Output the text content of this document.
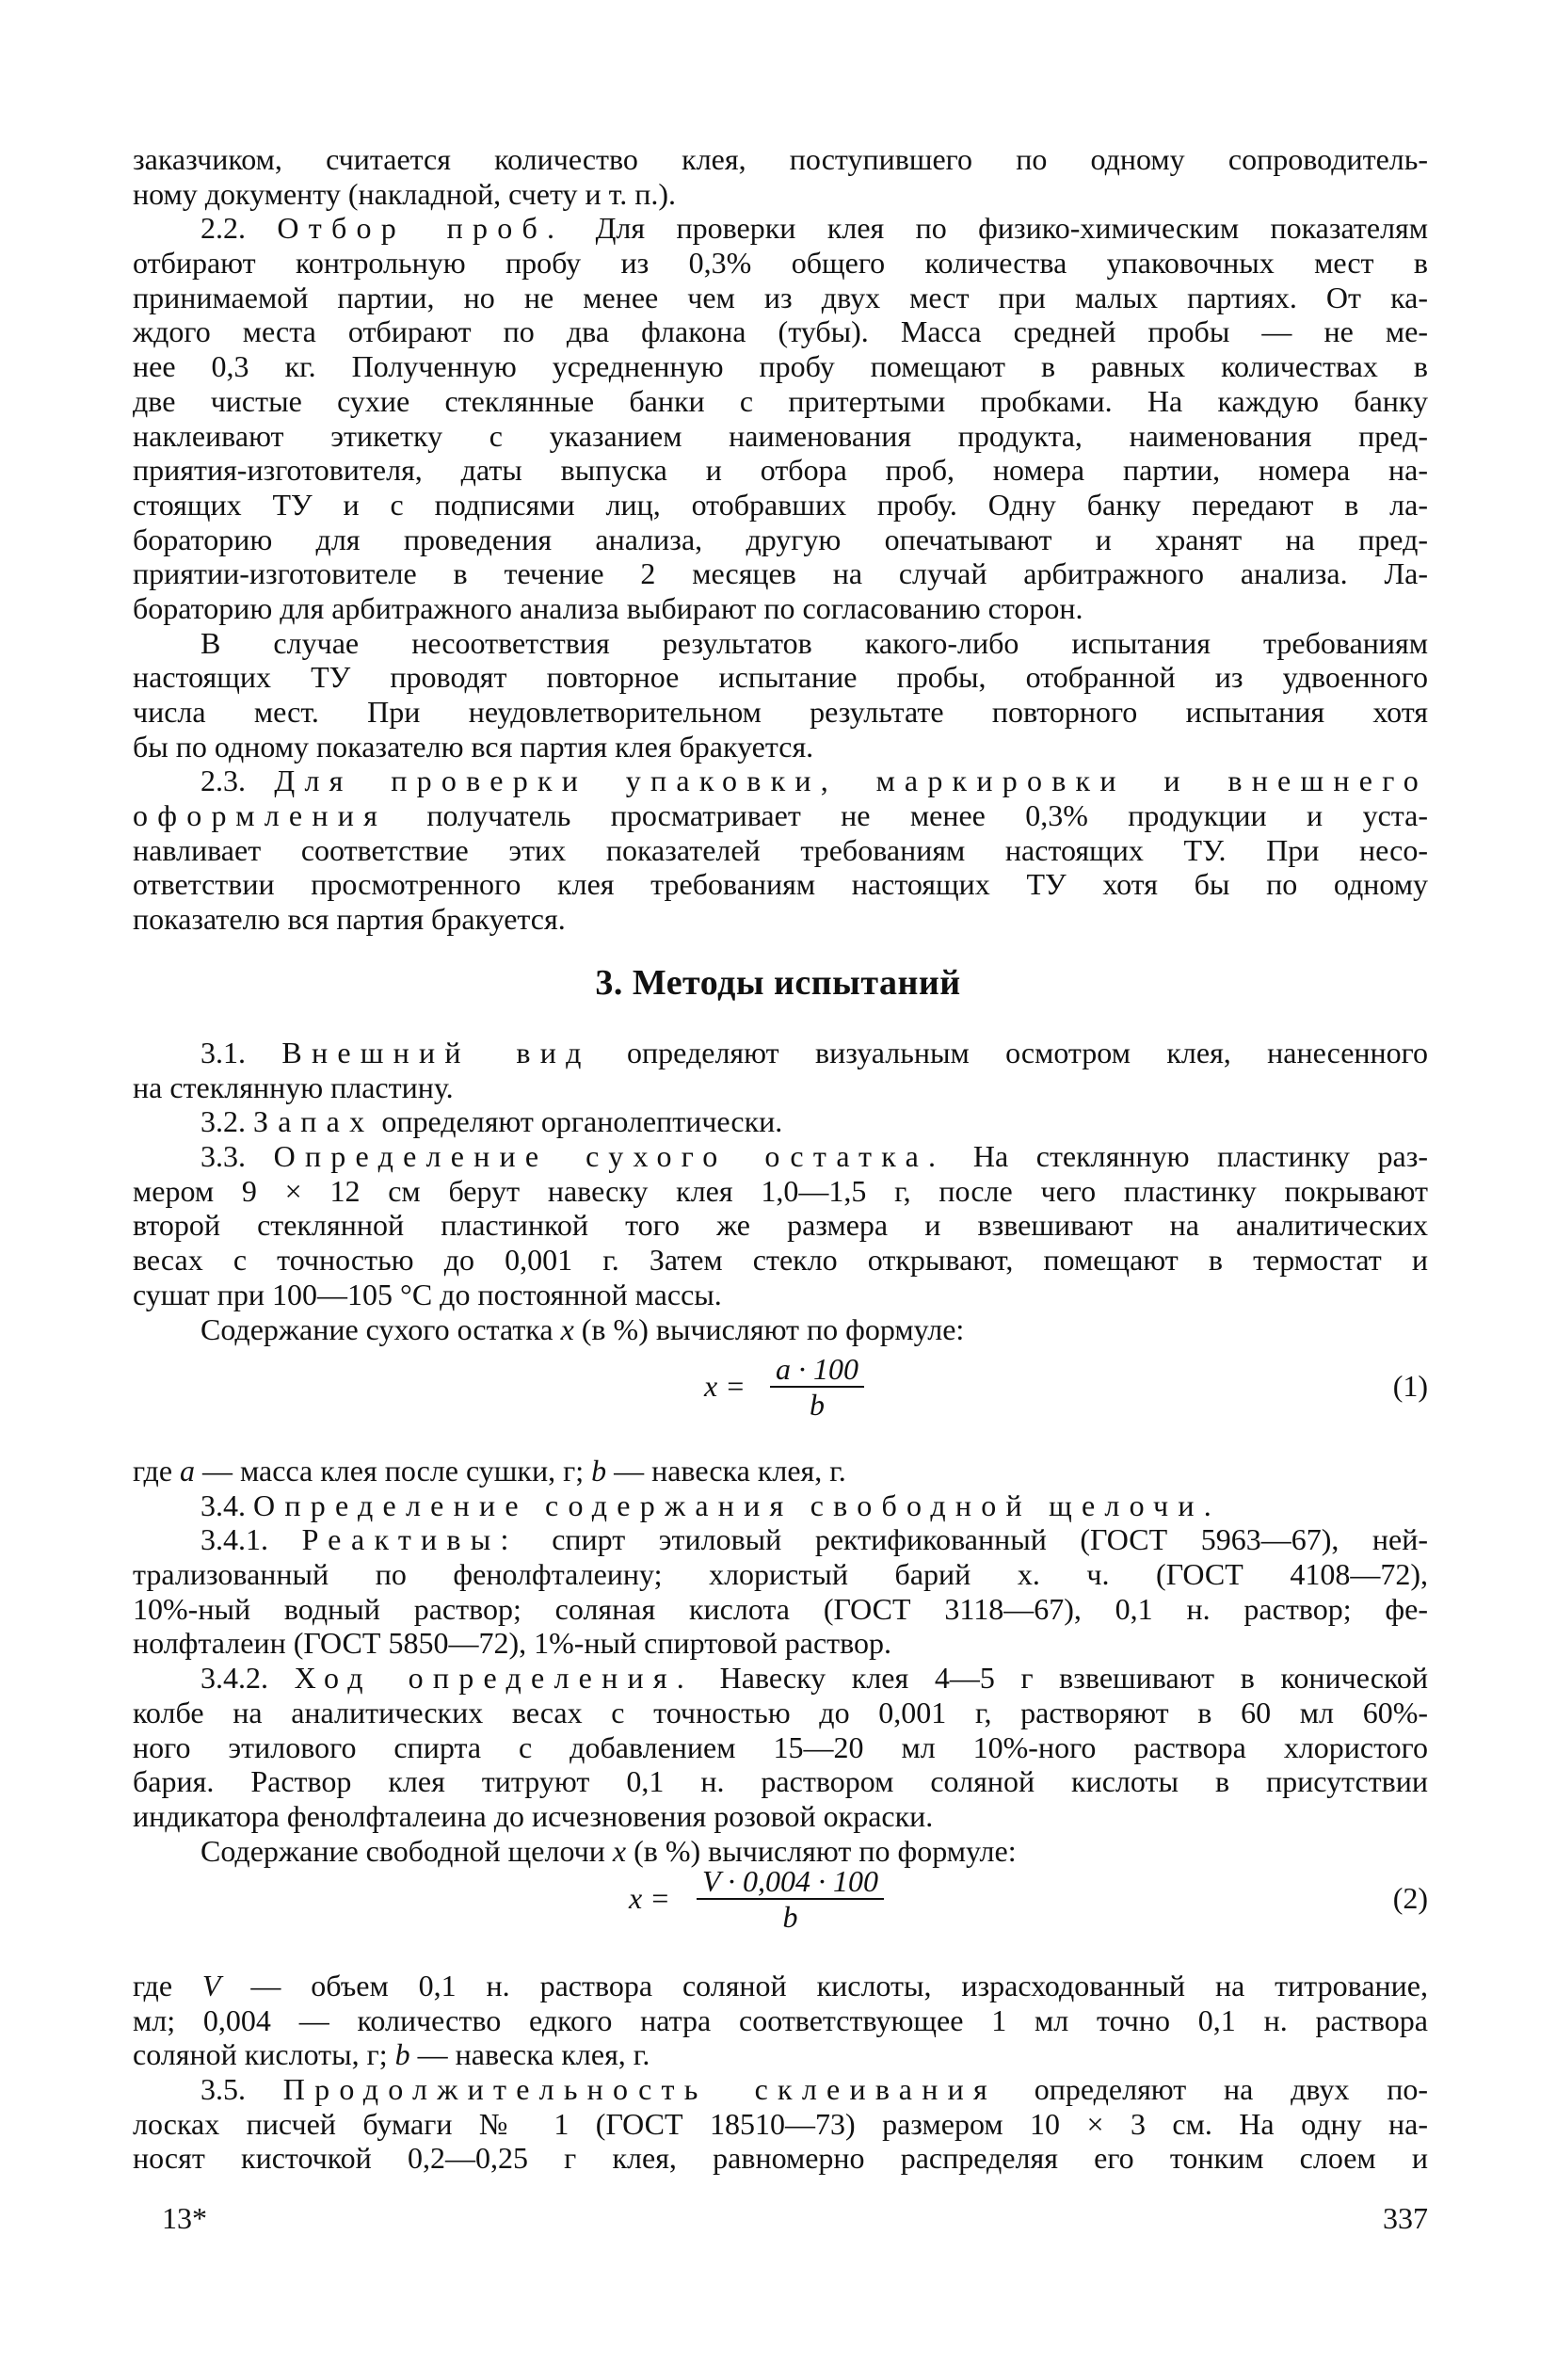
заказчиком, считается количество клея, поступившего по одному сопроводитель-
ному документу (накладной, счету и т. п.).
2.2. Отбор проб. Для проверки клея по физико-химическим показателям
отбирают контрольную пробу из 0,3% общего количества упаковочных мест в
принимаемой партии, но не менее чем из двух мест при малых партиях. От ка-
ждого места отбирают по два флакона (тубы). Масса средней пробы — не ме-
нее 0,3 кг. Полученную усредненную пробу помещают в равных количествах в
две чистые сухие стеклянные банки с притертыми пробками. На каждую банку
наклеивают этикетку с указанием наименования продукта, наименования пред-
приятия-изготовителя, даты выпуска и отбора проб, номера партии, номера на-
стоящих ТУ и с подписями лиц, отобравших пробу. Одну банку передают в ла-
бораторию для проведения анализа, другую опечатывают и хранят на пред-
приятии-изготовителе в течение 2 месяцев на случай арбитражного анализа. Ла-
бораторию для арбитражного анализа выбирают по согласованию сторон.
В случае несоответствия результатов какого-либо испытания требованиям
настоящих ТУ проводят повторное испытание пробы, отобранной из удвоенного
числа мест. При неудовлетворительном результате повторного испытания хотя
бы по одному показателю вся партия клея бракуется.
2.3. Для проверки упаковки, маркировки и внешнего
оформления получатель просматривает не менее 0,3% продукции и уста-
навливает соответствие этих показателей требованиям настоящих ТУ. При несо-
ответствии просмотренного клея требованиям настоящих ТУ хотя бы по одному
показателю вся партия бракуется.
3. Методы испытаний
3.1. Внешний вид определяют визуальным осмотром клея, нанесенного
на стеклянную пластину.
3.2. Запах определяют органолептически.
3.3. Определение сухого остатка. На стеклянную пластинку раз-
мером 9 × 12 см берут навеску клея 1,0—1,5 г, после чего пластинку покрывают
второй стеклянной пластинкой того же размера и взвешивают на аналитических
весах с точностью до 0,001 г. Затем стекло открывают, помещают в термостат и
сушат при 100—105 °С до постоянной массы.
Содержание сухого остатка x (в %) вычисляют по формуле:
x = a · 100
b
(1)
где a — масса клея после сушки, г; b — навеска клея, г.
3.4. Определение содержания свободной щелочи.
3.4.1. Реактивы: спирт этиловый ректификованный (ГОСТ 5963—67), ней-
трализованный по фенолфталеину; хлористый барий х. ч. (ГОСТ 4108—72),
10%-ный водный раствор; соляная кислота (ГОСТ 3118—67), 0,1 н. раствор; фе-
нолфталеин (ГОСТ 5850—72), 1%-ный спиртовой раствор.
3.4.2. Ход определения. Навеску клея 4—5 г взвешивают в конической
колбе на аналитических весах с точностью до 0,001 г, растворяют в 60 мл 60%-
ного этилового спирта с добавлением 15—20 мл 10%-ного раствора хлористого
бария. Раствор клея титруют 0,1 н. раствором соляной кислоты в присутствии
индикатора фенолфталеина до исчезновения розовой окраски.
Содержание свободной щелочи x (в %) вычисляют по формуле:
x = V · 0,004 · 100
b
(2)
где V — объем 0,1 н. раствора соляной кислоты, израсходованный на титрование,
мл; 0,004 — количество едкого натра соответствующее 1 мл точно 0,1 н. раствора
соляной кислоты, г; b — навеска клея, г.
3.5. Продолжительность склеивания определяют на двух по-
лосках писчей бумаги № 1 (ГОСТ 18510—73) размером 10 × 3 см. На одну на-
носят кисточкой 0,2—0,25 г клея, равномерно распределяя его тонким слоем и
13*	337
